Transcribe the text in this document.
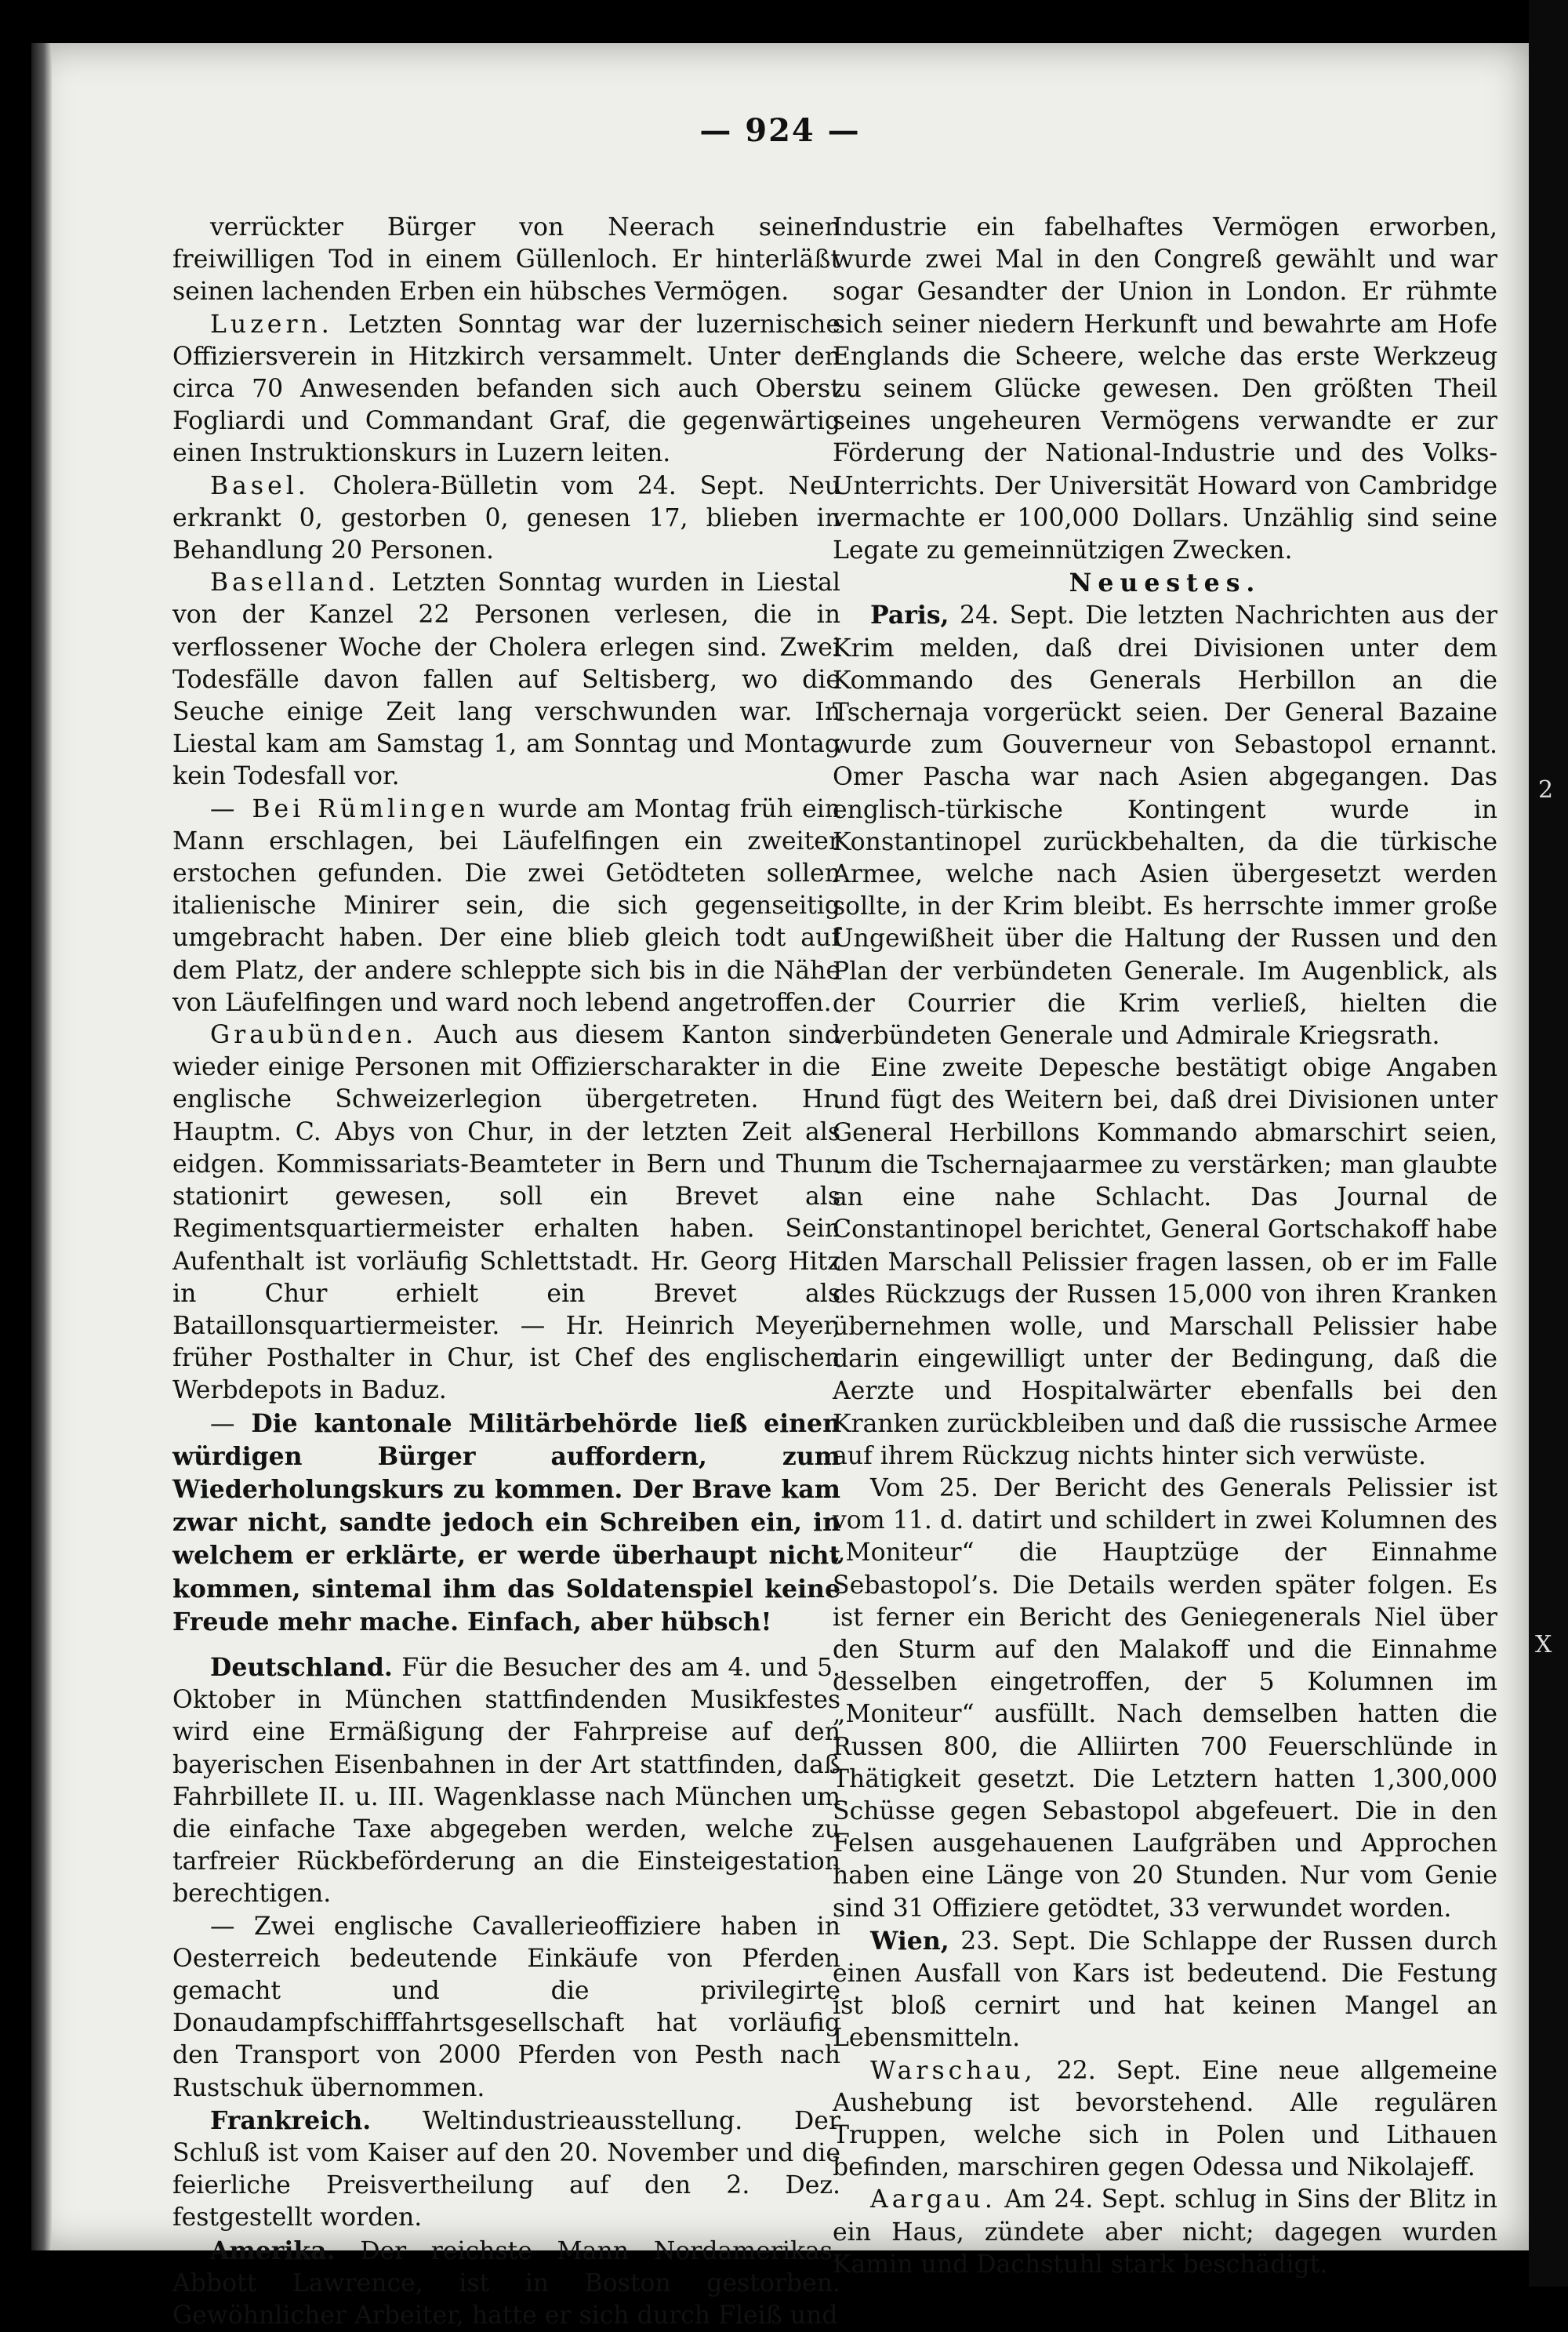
2
X
— 924 —

verrückter Bürger von Neerach seinen freiwilligen Tod in einem Güllenloch. Er hinterläßt seinen lachenden Erben ein hübsches Vermögen.

Luzern. Letzten Sonntag war der luzernische Offiziersverein in Hitzkirch versammelt. Unter den circa 70 Anwesenden befanden sich auch Oberst Fogliardi und Commandant Graf, die gegenwärtig einen Instruktionskurs in Luzern leiten.

Basel. Cholera-Bülletin vom 24. Sept. Neu erkrankt 0, gestorben 0, genesen 17, blieben in Behandlung 20 Personen.

Baselland. Letzten Sonntag wurden in Liestal von der Kanzel 22 Personen verlesen, die in verflossener Woche der Cholera erlegen sind. Zwei Todesfälle davon fallen auf Seltisberg, wo die Seuche einige Zeit lang verschwunden war. In Liestal kam am Samstag 1, am Sonntag und Montag kein Todesfall vor.

— Bei Rümlingen wurde am Montag früh ein Mann erschlagen, bei Läufelfingen ein zweiter erstochen gefunden. Die zwei Getödteten sollen italienische Minirer sein, die sich gegenseitig umgebracht haben. Der eine blieb gleich todt auf dem Platz, der andere schleppte sich bis in die Nähe von Läufelfingen und ward noch lebend angetroffen.

Graubünden. Auch aus diesem Kanton sind wieder einige Personen mit Offizierscharakter in die englische Schweizerlegion übergetreten. Hr. Hauptm. C. Abys von Chur, in der letzten Zeit als eidgen. Kommissariats-Beamteter in Bern und Thun stationirt gewesen, soll ein Brevet als Regimentsquartiermeister erhalten haben. Sein Aufenthalt ist vorläufig Schlettstadt. Hr. Georg Hitz in Chur erhielt ein Brevet als Bataillonsquartiermeister. — Hr. Heinrich Meyer, früher Posthalter in Chur, ist Chef des englischen Werbdepots in Baduz.

— Die kantonale Militärbehörde ließ einen würdigen Bürger auffordern, zum Wiederholungskurs zu kommen. Der Brave kam zwar nicht, sandte jedoch ein Schreiben ein, in welchem er erklärte, er werde überhaupt nicht kommen, sintemal ihm das Soldatenspiel keine Freude mehr mache. Einfach, aber hübsch!

Deutschland. Für die Besucher des am 4. und 5. Oktober in München stattfindenden Musikfestes wird eine Ermäßigung der Fahrpreise auf den bayerischen Eisenbahnen in der Art stattfinden, daß Fahrbillete II. u. III. Wagenklasse nach München um die einfache Taxe abgegeben werden, welche zu tarfreier Rückbeförderung an die Einsteigestation berechtigen.

— Zwei englische Cavallerieoffiziere haben in Oesterreich bedeutende Einkäufe von Pferden gemacht und die privilegirte Donaudampfschifffahrtsgesellschaft hat vorläufig den Transport von 2000 Pferden von Pesth nach Rustschuk übernommen.

Frankreich. Weltindustrieausstellung. Der Schluß ist vom Kaiser auf den 20. November und die feierliche Preisvertheilung auf den 2. Dez. festgestellt worden.

Amerika. Der reichste Mann Nordamerikas, Abbott Lawrence, ist in Boston gestorben. Gewöhnlicher Arbeiter, hatte er sich durch Fleiß und

Industrie ein fabelhaftes Vermögen erworben, wurde zwei Mal in den Congreß gewählt und war sogar Gesandter der Union in London. Er rühmte sich seiner niedern Herkunft und bewahrte am Hofe Englands die Scheere, welche das erste Werkzeug zu seinem Glücke gewesen. Den größten Theil seines ungeheuren Vermögens verwandte er zur Förderung der National-Industrie und des Volks-Unterrichts. Der Universität Howard von Cambridge vermachte er 100,000 Dollars. Unzählig sind seine Legate zu gemeinnützigen Zwecken.

Neuestes.

Paris, 24. Sept. Die letzten Nachrichten aus der Krim melden, daß drei Divisionen unter dem Kommando des Generals Herbillon an die Tschernaja vorgerückt seien. Der General Bazaine wurde zum Gouverneur von Sebastopol ernannt. Omer Pascha war nach Asien abgegangen. Das englisch-türkische Kontingent wurde in Konstantinopel zurückbehalten, da die türkische Armee, welche nach Asien übergesetzt werden sollte, in der Krim bleibt. Es herrschte immer große Ungewißheit über die Haltung der Russen und den Plan der verbündeten Generale. Im Augenblick, als der Courrier die Krim verließ, hielten die verbündeten Generale und Admirale Kriegsrath.

Eine zweite Depesche bestätigt obige Angaben und fügt des Weitern bei, daß drei Divisionen unter General Herbillons Kommando abmarschirt seien, um die Tschernajaarmee zu verstärken; man glaubte an eine nahe Schlacht. Das Journal de Constantinopel berichtet, General Gortschakoff habe den Marschall Pelissier fragen lassen, ob er im Falle des Rückzugs der Russen 15,000 von ihren Kranken übernehmen wolle, und Marschall Pelissier habe darin eingewilligt unter der Bedingung, daß die Aerzte und Hospitalwärter ebenfalls bei den Kranken zurückbleiben und daß die russische Armee auf ihrem Rückzug nichts hinter sich verwüste.

Vom 25. Der Bericht des Generals Pelissier ist vom 11. d. datirt und schildert in zwei Kolumnen des „Moniteur“ die Hauptzüge der Einnahme Sebastopol’s. Die Details werden später folgen. Es ist ferner ein Bericht des Geniegenerals Niel über den Sturm auf den Malakoff und die Einnahme desselben eingetroffen, der 5 Kolumnen im „Moniteur“ ausfüllt. Nach demselben hatten die Russen 800, die Alliirten 700 Feuerschlünde in Thätigkeit gesetzt. Die Letztern hatten 1,300,000 Schüsse gegen Sebastopol abgefeuert. Die in den Felsen ausgehauenen Laufgräben und Approchen haben eine Länge von 20 Stunden. Nur vom Genie sind 31 Offiziere getödtet, 33 verwundet worden.

Wien, 23. Sept. Die Schlappe der Russen durch einen Ausfall von Kars ist bedeutend. Die Festung ist bloß cernirt und hat keinen Mangel an Lebensmitteln.

Warschau, 22. Sept. Eine neue allgemeine Aushebung ist bevorstehend. Alle regulären Truppen, welche sich in Polen und Lithauen befinden, marschiren gegen Odessa und Nikolajeff.

Aargau. Am 24. Sept. schlug in Sins der Blitz in ein Haus, zündete aber nicht; dagegen wurden Kamin und Dachstuhl stark beschädigt.
